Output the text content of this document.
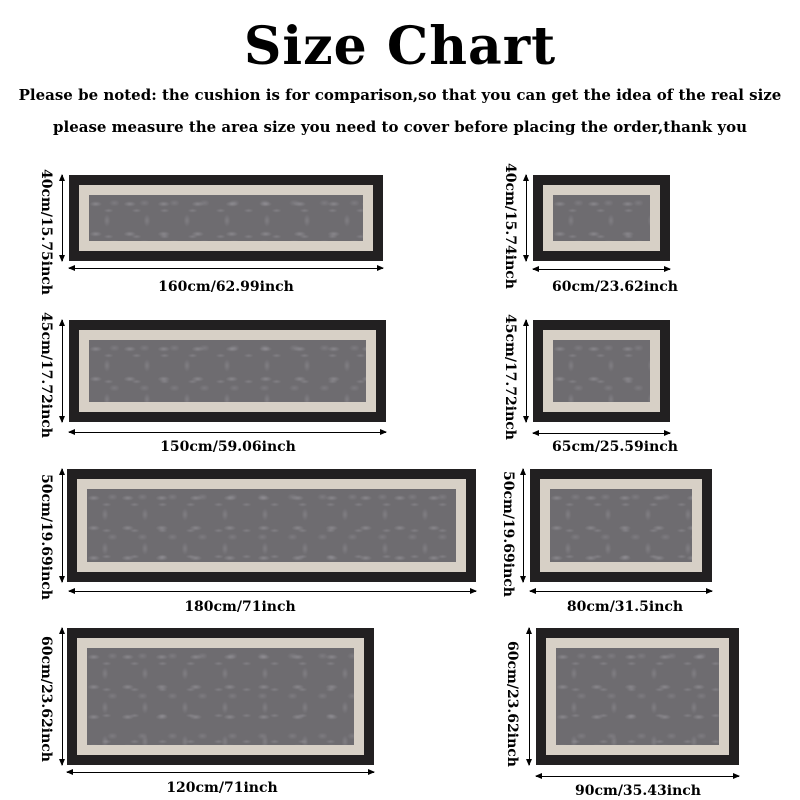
Size Chart
Please be noted: the cushion is for comparison,so that you can get the idea of the real size
please measure the area size you need to cover before placing the order,thank you
40cm/15.75inch	160cm/62.99inch
45cm/17.72inch
150cm/59.06inch
50cm/19.69inch
180cm/71inch
60cm/23.62inch
120cm/71inch
40cm/15.74inch	60cm/23.62inch
45cm/17.72inch
65cm/25.59inch
50cm/19.69inch
80cm/31.5inch
60cm/23.62inch
90cm/35.43inch
